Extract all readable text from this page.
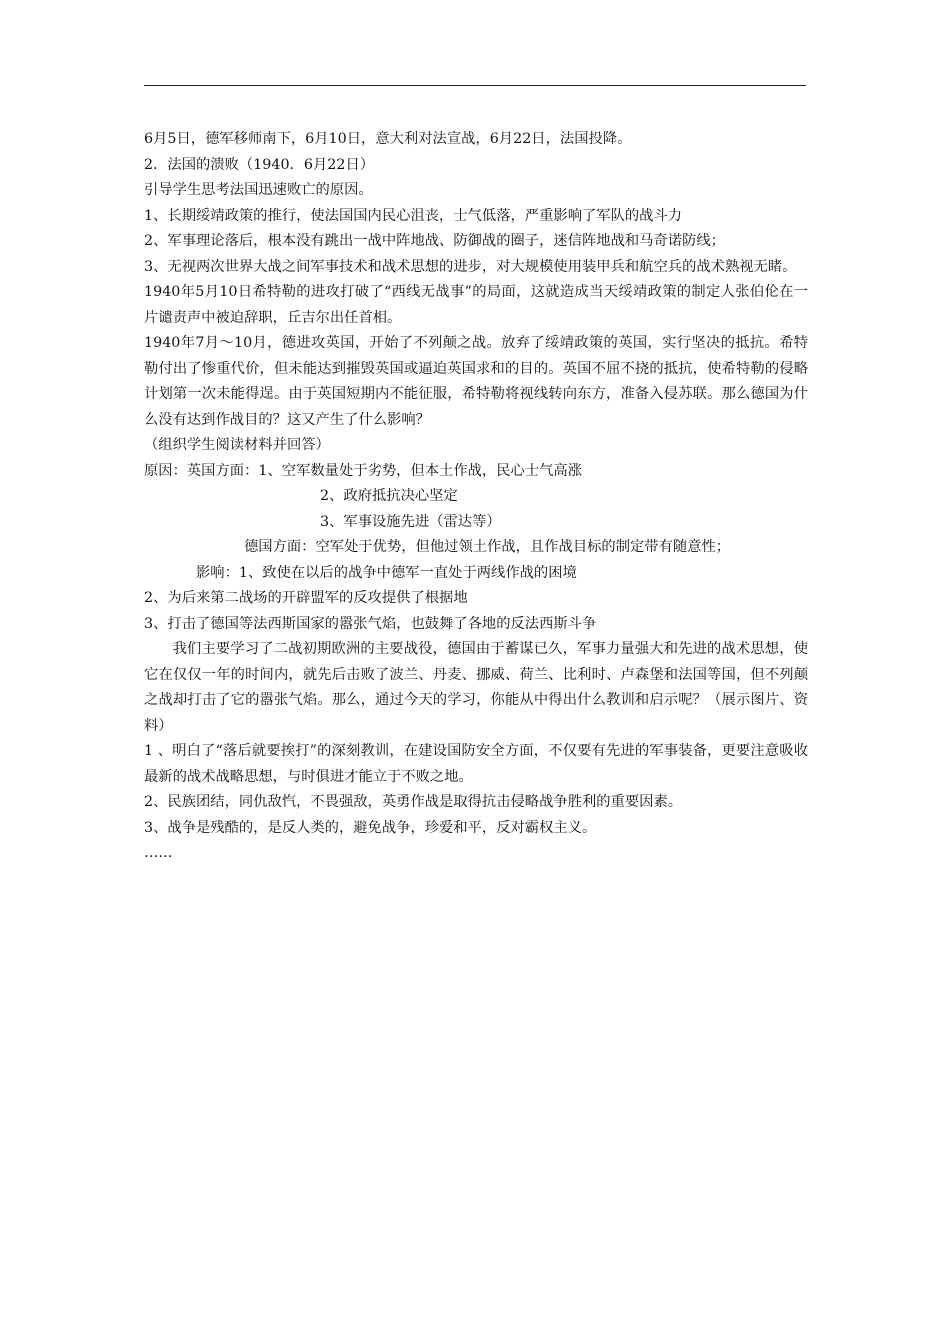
6月5日，德军移师南下，6月10日，意大利对法宣战，6月22日，法国投降。
2．法国的溃败（1940．6月22日）
引导学生思考法国迅速败亡的原因。
1、长期绥靖政策的推行，使法国国内民心沮丧，士气低落，严重影响了军队的战斗力
2、军事理论落后，根本没有跳出一战中阵地战、防御战的圈子，迷信阵地战和马奇诺防线；
3、无视两次世界大战之间军事技术和战术思想的进步，对大规模使用装甲兵和航空兵的战术熟视无睹。
1940年5月10日希特勒的进攻打破了“西线无战事”的局面，这就造成当天绥靖政策的制定人张伯伦在一片谴责声中被迫辞职，丘吉尔出任首相。
1940年7月～10月，德进攻英国，开始了不列颠之战。放弃了绥靖政策的英国，实行坚决的抵抗。希特勒付出了惨重代价，但未能达到摧毁英国或逼迫英国求和的目的。英国不屈不挠的抵抗，使希特勒的侵略计划第一次未能得逞。由于英国短期内不能征服，希特勒将视线转向东方，准备入侵苏联。那么德国为什么没有达到作战目的？这又产生了什么影响？
（组织学生阅读材料并回答）
原因：英国方面：1、空军数量处于劣势，但本土作战，民心士气高涨
2、政府抵抗决心坚定
3、军事设施先进（雷达等）
德国方面：空军处于优势，但他过领土作战，且作战目标的制定带有随意性；
影响：1、致使在以后的战争中德军一直处于两线作战的困境
2、为后来第二战场的开辟盟军的反攻提供了根据地
3、打击了德国等法西斯国家的嚣张气焰，也鼓舞了各地的反法西斯斗争
我们主要学习了二战初期欧洲的主要战役，德国由于蓄谋已久，军事力量强大和先进的战术思想，使它在仅仅一年的时间内，就先后击败了波兰、丹麦、挪威、荷兰、比利时、卢森堡和法国等国，但不列颠之战却打击了它的嚣张气焰。那么，通过今天的学习，你能从中得出什么教训和启示呢？（展示图片、资料）
1 、明白了“落后就要挨打”的深刻教训，在建设国防安全方面，不仅要有先进的军事装备，更要注意吸收最新的战术战略思想，与时俱进才能立于不败之地。
2、民族团结，同仇敌忾，不畏强敌，英勇作战是取得抗击侵略战争胜利的重要因素。
3、战争是残酷的，是反人类的，避免战争，珍爱和平，反对霸权主义。
……
